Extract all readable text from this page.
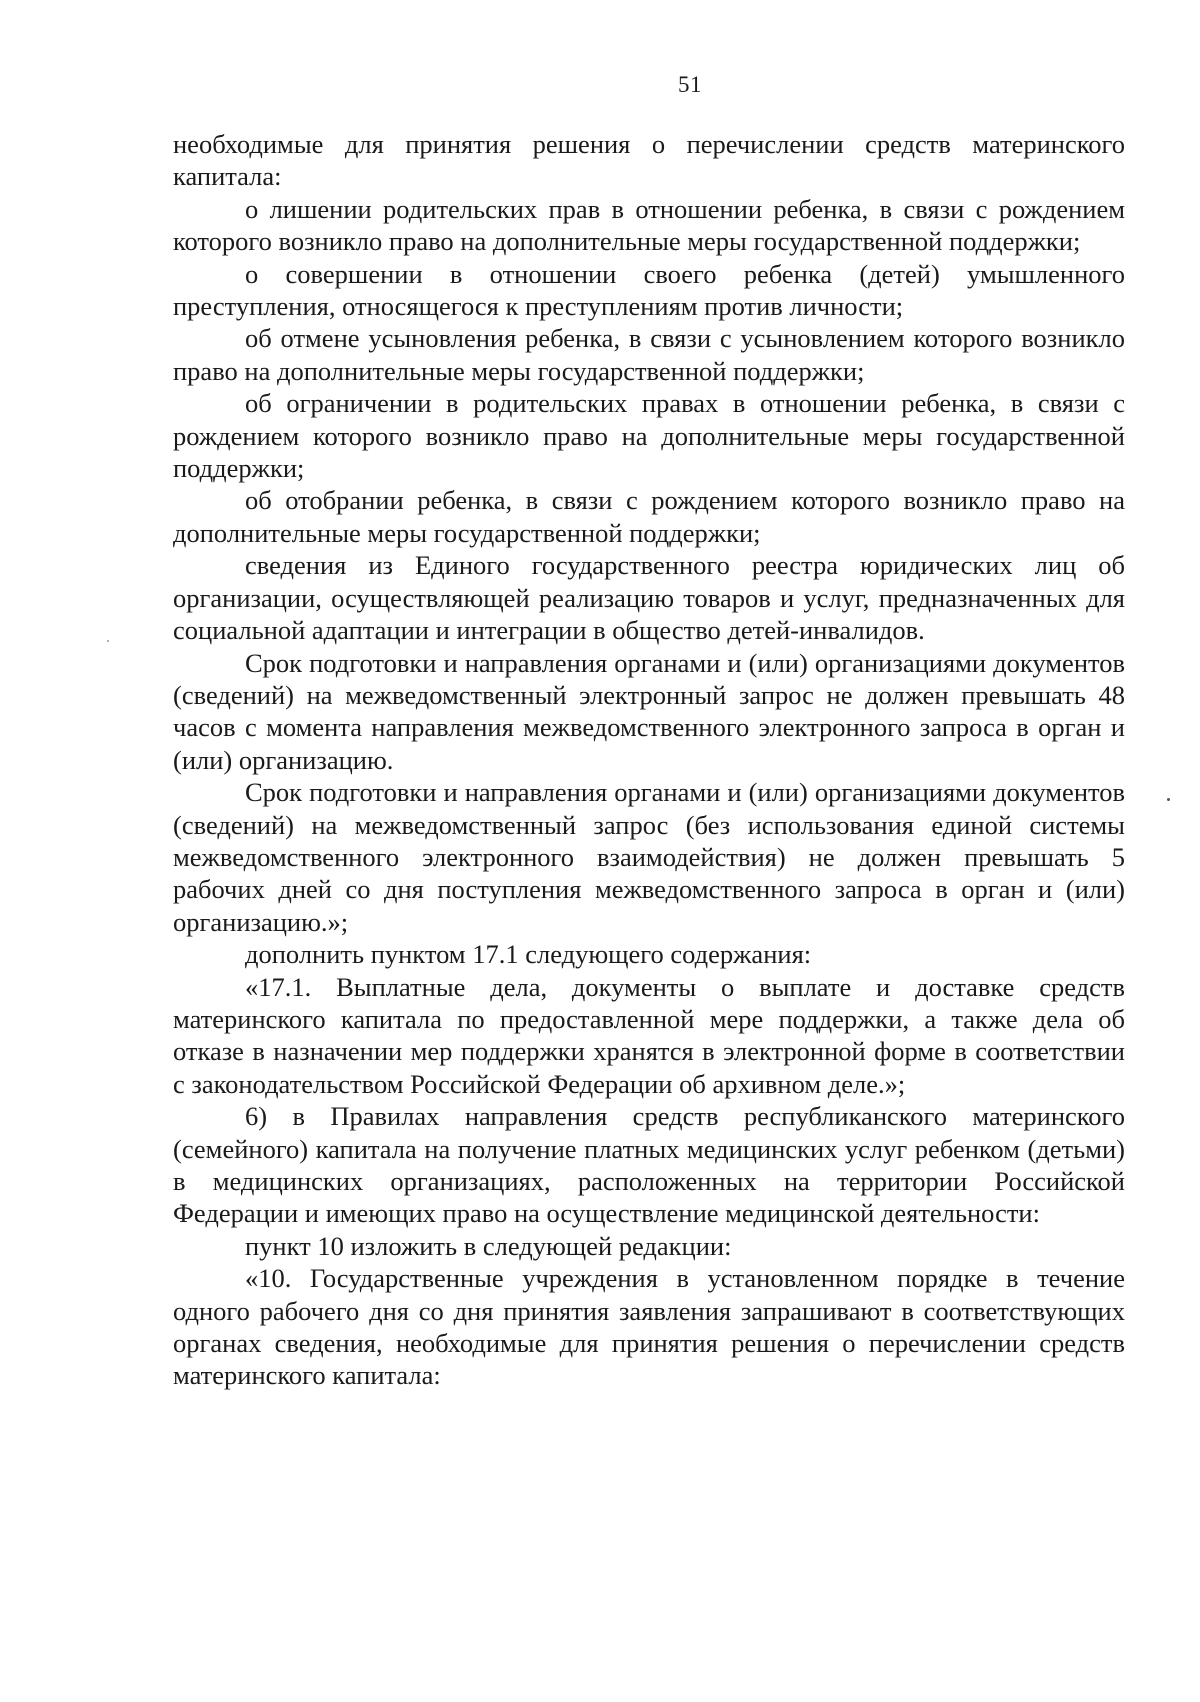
51

необходимые для принятия решения о перечислении средств материнского капитала:

о лишении родительских прав в отношении ребенка, в связи с рождением которого возникло право на дополнительные меры государственной поддержки;

о совершении в отношении своего ребенка (детей) умышленного преступления, относящегося к преступлениям против личности;

об отмене усыновления ребенка, в связи с усыновлением которого возникло право на дополнительные меры государственной поддержки;

об ограничении в родительских правах в отношении ребенка, в связи с рождением которого возникло право на дополнительные меры государственной поддержки;

об отобрании ребенка, в связи с рождением которого возникло право на дополнительные меры государственной поддержки;

сведения из Единого государственного реестра юридических лиц об организации, осуществляющей реализацию товаров и услуг, предназначенных для социальной адаптации и интеграции в общество детей-инвалидов.

Срок подготовки и направления органами и (или) организациями документов (сведений) на межведомственный электронный запрос не должен превышать 48 часов с момента направления межведомственного электронного запроса в орган и (или) организацию.

Срок подготовки и направления органами и (или) организациями документов (сведений) на межведомственный запрос (без использования единой системы межведомственного электронного взаимодействия) не должен превышать 5 рабочих дней со дня поступления межведомственного запроса в орган и (или) организацию.»;

дополнить пунктом 17.1 следующего содержания:

«17.1. Выплатные дела, документы о выплате и доставке средств материнского капитала по предоставленной мере поддержки, а также дела об отказе в назначении мер поддержки хранятся в электронной форме в соответствии с законодательством Российской Федерации об архивном деле.»;

6) в Правилах направления средств республиканского материнского (семейного) капитала на получение платных медицинских услуг ребенком (детьми) в медицинских организациях, расположенных на территории Российской Федерации и имеющих право на осуществление медицинской деятельности:

пункт 10 изложить в следующей редакции:

«10. Государственные учреждения в установленном порядке в течение одного рабочего дня со дня принятия заявления запрашивают в соответствующих органах сведения, необходимые для принятия решения о перечислении средств материнского капитала:
